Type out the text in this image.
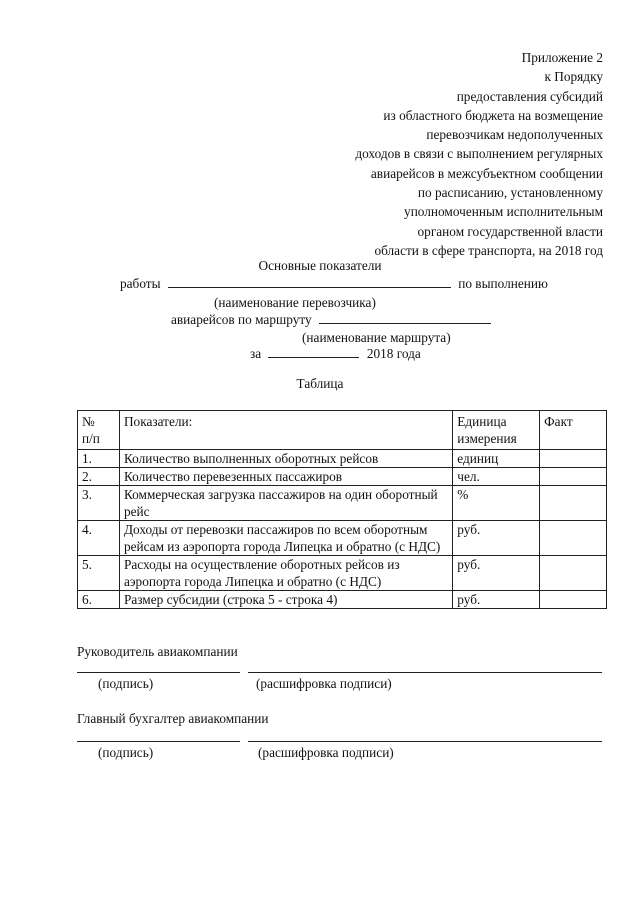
Приложение 2
к Порядку
предоставления субсидий
из областного бюджета на возмещение
перевозчикам недополученных
доходов в связи с выполнением регулярных
авиарейсов в межсубъектном сообщении
по расписанию, установленному
уполномоченным исполнительным
органом государственной власти
области в сфере транспорта, на 2018 год
Основные показатели
работы	по выполнению
(наименование перевозчика)
авиарейсов по маршруту
(наименование маршрута)
за	2018 года
Таблица
№ п/п	Показатели:	Единица измерения	Факт
1.	Количество выполненных оборотных рейсов	единиц	
2.	Количество перевезенных пассажиров	чел.	
3.	Коммерческая загрузка пассажиров на один оборотный рейс	%	
4.	Доходы от перевозки пассажиров по всем оборотным рейсам из аэропорта города Липецка и обратно (с НДС)	руб.	
5.	Расходы на осуществление оборотных рейсов из аэропорта города Липецка и обратно (с НДС)	руб.	
6.	Размер субсидии (строка 5 - строка 4)	руб.	
Руководитель авиакомпании
(подпись)	(расшифровка подписи)
Главный бухгалтер авиакомпании
(подпись)	(расшифровка подписи)
